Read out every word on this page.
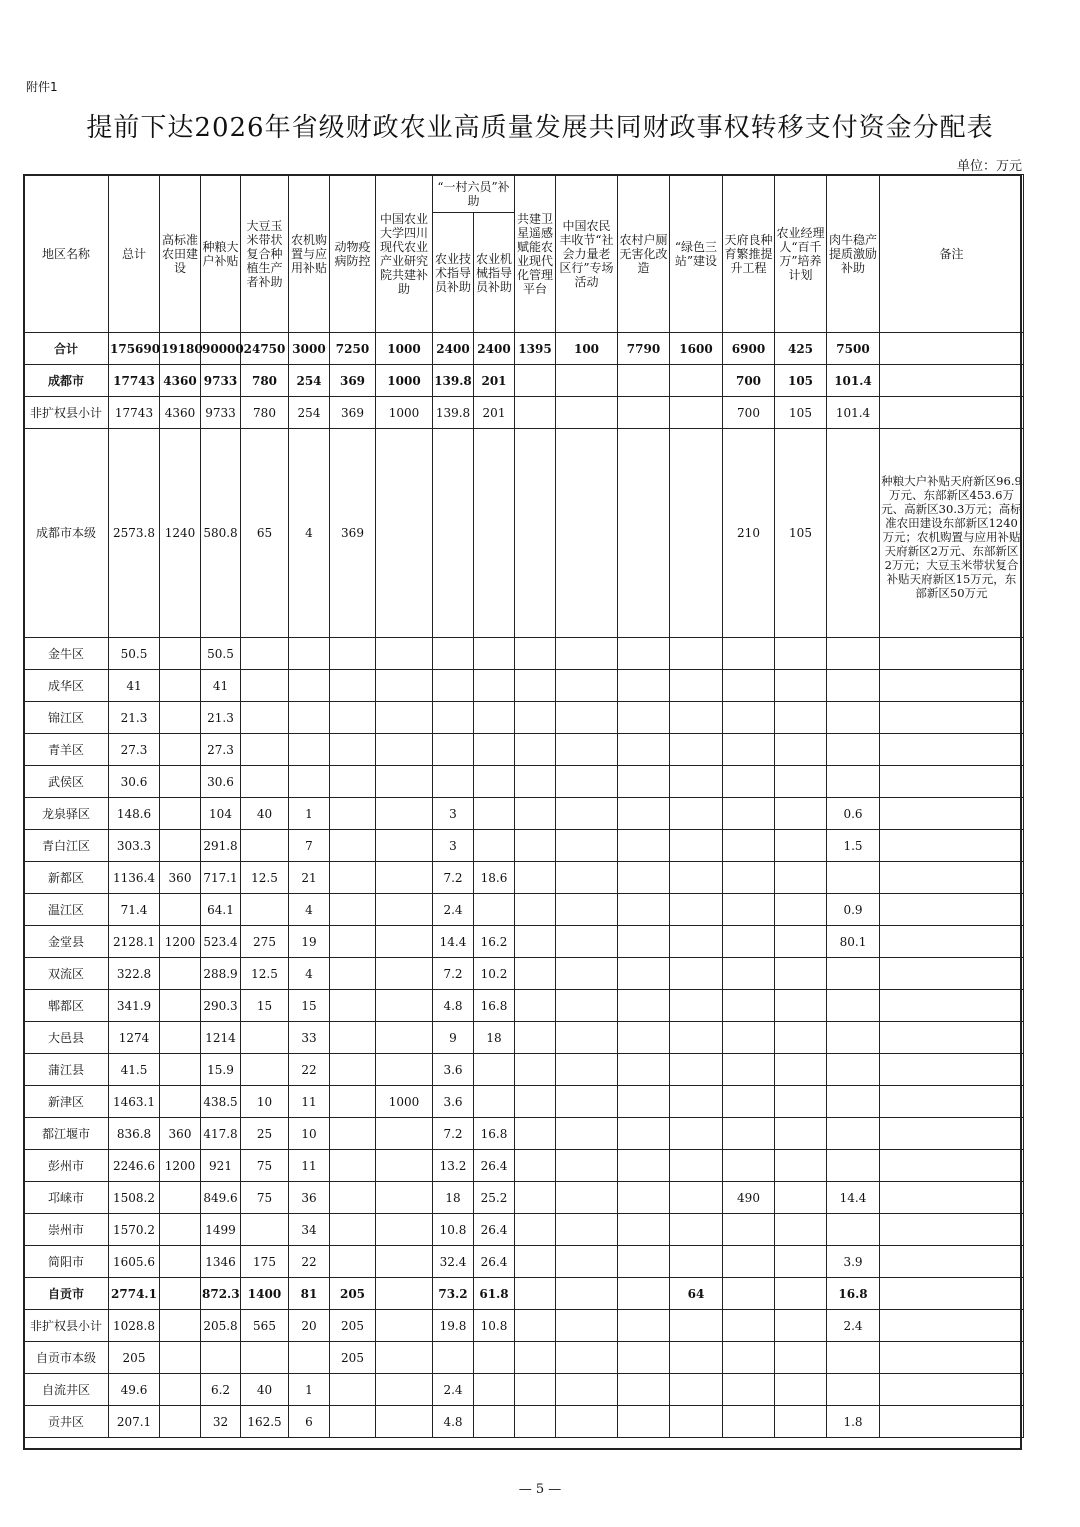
附件1
提前下达2026年省级财政农业高质量发展共同财政事权转移支付资金分配表
单位：万元
地区名称	总计	高标准农田建设	种粮大户补贴	大豆玉米带状复合种植生产者补助	农机购置与应用补贴	动物疫病防控	中国农业大学四川现代农业产业研究院共建补助	“一村六员”补助		共建卫星遥感赋能农业现代化管理平台	中国农民丰收节“社会力量老区行”专场活动	农村户厕无害化改造	“绿色三站”建设	天府良种育繁推提升工程	农业经理人“百千万”培养计划	肉牛稳产提质激励补助	备注
								农业技术指导员补助	农业机械指导员补助								
合计	175690	19180	90000	24750	3000	7250	1000	2400	2400	1395	100	7790	1600	6900	425	7500	

成都市	17743	4360	9733	780	254	369	1000	139.8	201					700	105	101.4	

非扩权县小计	17743	4360	9733	780	254	369	1000	139.8	201					700	105	101.4	

成都市本级	2573.8	1240	580.8	65	4	369								210	105		种粮大户补贴天府新区96.9万元、东部新区453.6万元、高新区30.3万元；高标准农田建设东部新区1240万元；农机购置与应用补贴天府新区2万元、东部新区2万元；大豆玉米带状复合补贴天府新区15万元，东部新区50万元

金牛区	50.5		50.5														

成华区	41		41														

锦江区	21.3		21.3														

青羊区	27.3		27.3														

武侯区	30.6		30.6														

龙泉驿区	148.6		104	40	1			3								0.6	

青白江区	303.3		291.8		7			3								1.5	

新都区	1136.4	360	717.1	12.5	21			7.2	18.6								

温江区	71.4		64.1		4			2.4								0.9	

金堂县	2128.1	1200	523.4	275	19			14.4	16.2							80.1	

双流区	322.8		288.9	12.5	4			7.2	10.2								

郫都区	341.9		290.3	15	15			4.8	16.8								

大邑县	1274		1214		33			9	18								

蒲江县	41.5		15.9		22			3.6									

新津区	1463.1		438.5	10	11		1000	3.6									

都江堰市	836.8	360	417.8	25	10			7.2	16.8								

彭州市	2246.6	1200	921	75	11			13.2	26.4								

邛崃市	1508.2		849.6	75	36			18	25.2					490		14.4	

崇州市	1570.2		1499		34			10.8	26.4								

简阳市	1605.6		1346	175	22			32.4	26.4							3.9	

自贡市	2774.1		872.3	1400	81	205		73.2	61.8				64			16.8	

非扩权县小计	1028.8		205.8	565	20	205		19.8	10.8							2.4	

自贡市本级	205					205											

自流井区	49.6		6.2	40	1			2.4									

贡井区	207.1		32	162.5	6			4.8								1.8	
— 5 —
